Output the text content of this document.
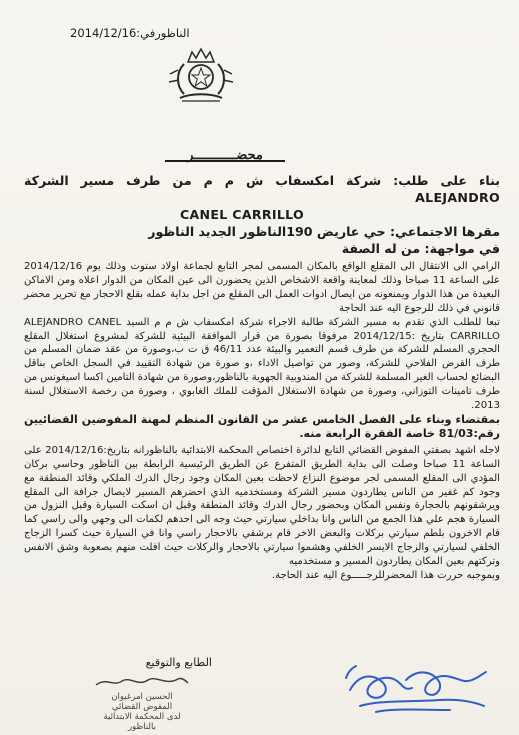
الناظورفي:2014/12/16
محضـــــــــــر

بناء على طلب: شركة امكسفاب ش م م من طرف مسير الشركة ALEJANDRO

CANEL CARRILLO

مقرها الاجتماعي: حي عاريض 190الناظور الجديد الناظور

في مواجهة: من له الصفة

الرامي الى الانتقال الى المقلع الواقع بالمكان المسمى لمجر التابع لجماعة اولاد ستوت وذلك يوم 2014/12/16 على الساعة 11 صباحا وذلك لمعاينة واقعة الاشخاص الذين يحضورن الى عين المكان من الدوار اعلاه ومن الاماكن البعيدة من هذا الدوار ويمنعونه من ايصال ادوات العمل الى المقلع من اجل بداية عمله بقلع الاحجار مع تحرير محضر قانوني في ذلك للرجوع اليه عند الحاجة

تبعا للطلب الذي تقدم به مسير الشركة طالبة الاجراء شركة امكسفاب ش م م السيد ALEJANDRO CANEL CARRILLO بتاريخ :2014/12/15 مرفوقا بصورة من قرار الموافقة البيئية للشركة لمشروع استغلال المقلع الحجري المسلم للشركة من طرف قسم التعمير والبيئة عدد 46/11 ق ت ب،وصورة من عقد ضمان المسلم من طرف القرض الفلاحي للشركة، وصور من تواصيل الاداء ،و صورة من شهادة التقييد في السجل الخاص بناقل البضائع لحساب الغير المسلمة للشركة من المندوبية الجهوية بالناظور،وصورة من شهادة التامين اكسا اسيغونس من طرف تامينات التوزاني، وصورة من شهادة الاستغلال المؤقت للملك الغابوي ، وصورة من رخصة الاستغلال لسنة 2013.

بمقتضاء وبناء على الفصل الخامس عشر من القانون المنظم لمهنة المفوضين القضائيين رقم:81/03 خاصة الفقرة الرابعة منه.

لاجله اشهد بصفتي المفوض القضائي التابع لدائرة اختصاص المحكمة الابتدائية بالناظورانه بتاريخ:2014/12/16 على الساعة 11 صباحا وصلت الى بداية الطريق المتفرع عن الطريق الرئيسية الرابطة بين الناظور وحاسي بركان المؤدي الى المقلع المسمى لجر موضوع النزاع لاحظت بعين المكان وجود رجال الدرك الملكي وقائد المنطقة مع وجود كم غفير من الناس يطاردون مسير الشركة ومستخدميه الذي احضرهم المسير لايصال جرافة الى المقلع ويرشقونهم بالحجارة ونفس المكان وبحضور رجال الدرك وقائد المنطقة وقبل ان اسكت السيارة وقبل النزول من السيارة هجم علي هذا الجمع من الناس وانا بداخلي سيارتي حيث وجه الى احدهم لكمات الى وجهي والى راسي كما قام الاخرون بلطم سيارتي بركلات والبعض الاخر قام برشقي بالاحجار راسي وانا في السيارة حيث كسرا الزجاج الخلفي لسيارتي والزجاج الايسر الخلفي وهشموا سيارتي بالاحجار والركلات حيث افلت منهم بصعوبة وشق الانفس وتركتهم بعين المكان يطاردون المسير و مستخدميه

وبموجبه حررت هذا المحضرللرجـــــوع اليه عند الحاجة.

الطابع والتوقيع

الحسين امرغيوان
المفوض القضائي
لدى المحكمة الابتدائية
بالناظور
